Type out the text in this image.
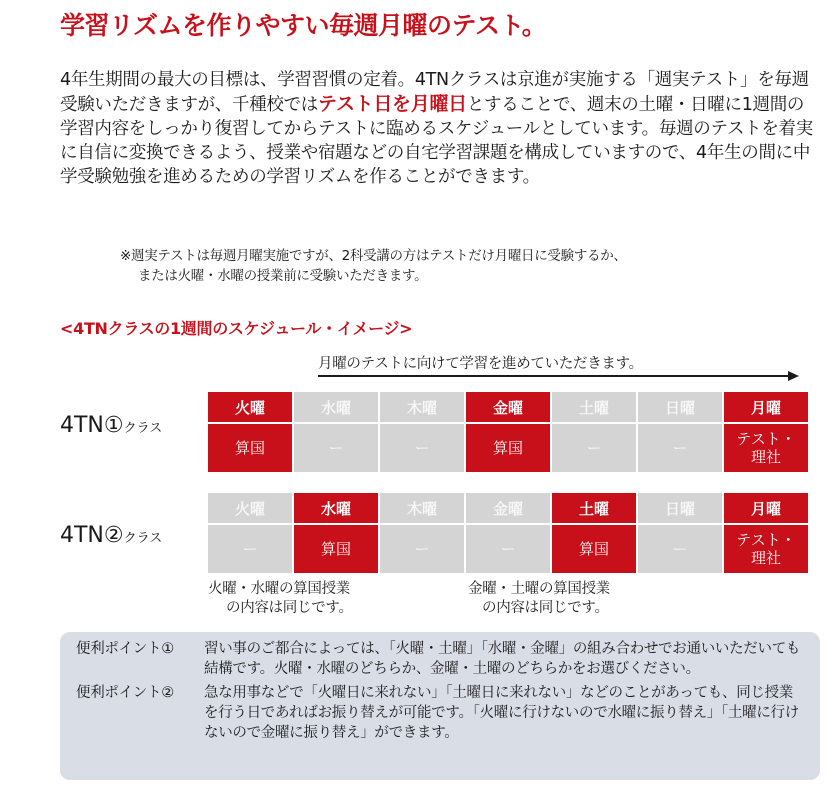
学習リズムを作りやすい毎週月曜のテスト。

4年生期間の最大の目標は、学習習慣の定着。4TNクラスは京進が実施する「週実テスト」を毎週受験いただきますが、千種校ではテスト日を月曜日とすることで、週末の土曜・日曜に1週間の学習内容をしっかり復習してからテストに臨めるスケジュールとしています。毎週のテストを着実に自信に変換できるよう、授業や宿題などの自宅学習課題を構成していますので、4年生の間に中学受験勉強を進めるための学習リズムを作ることができます。

※週実テストは毎週月曜実施ですが、2科受講の方はテストだけ月曜日に受験するか、

または火曜・水曜の授業前に受験いただきます。

<4TNクラスの1週間のスケジュール・イメージ>
月曜のテストに向けて学習を進めていただきます。
4TN①クラス
火曜	水曜	木曜	金曜	土曜	日曜	月曜
算国	ー	ー	算国	ー	ー	テスト・
理社
4TN②クラス
火曜	水曜	木曜	金曜	土曜	日曜	月曜
ー	算国	ー	ー	算国	ー	テスト・
理社

火曜・水曜の算国授業

の内容は同じです。

金曜・土曜の算国授業

の内容は同じです。

便利ポイント①	習い事のご都合によっては、「火曜・土曜」「水曜・金曜」の組み合わせでお通いいただいても結構です。火曜・水曜のどちらか、金曜・土曜のどちらかをお選びください。
便利ポイント②	急な用事などで「火曜日に来れない」「土曜日に来れない」などのことがあっても、同じ授業を行う日であればお振り替えが可能です。「火曜に行けないので水曜に振り替え」「土曜に行けないので金曜に振り替え」ができます。
